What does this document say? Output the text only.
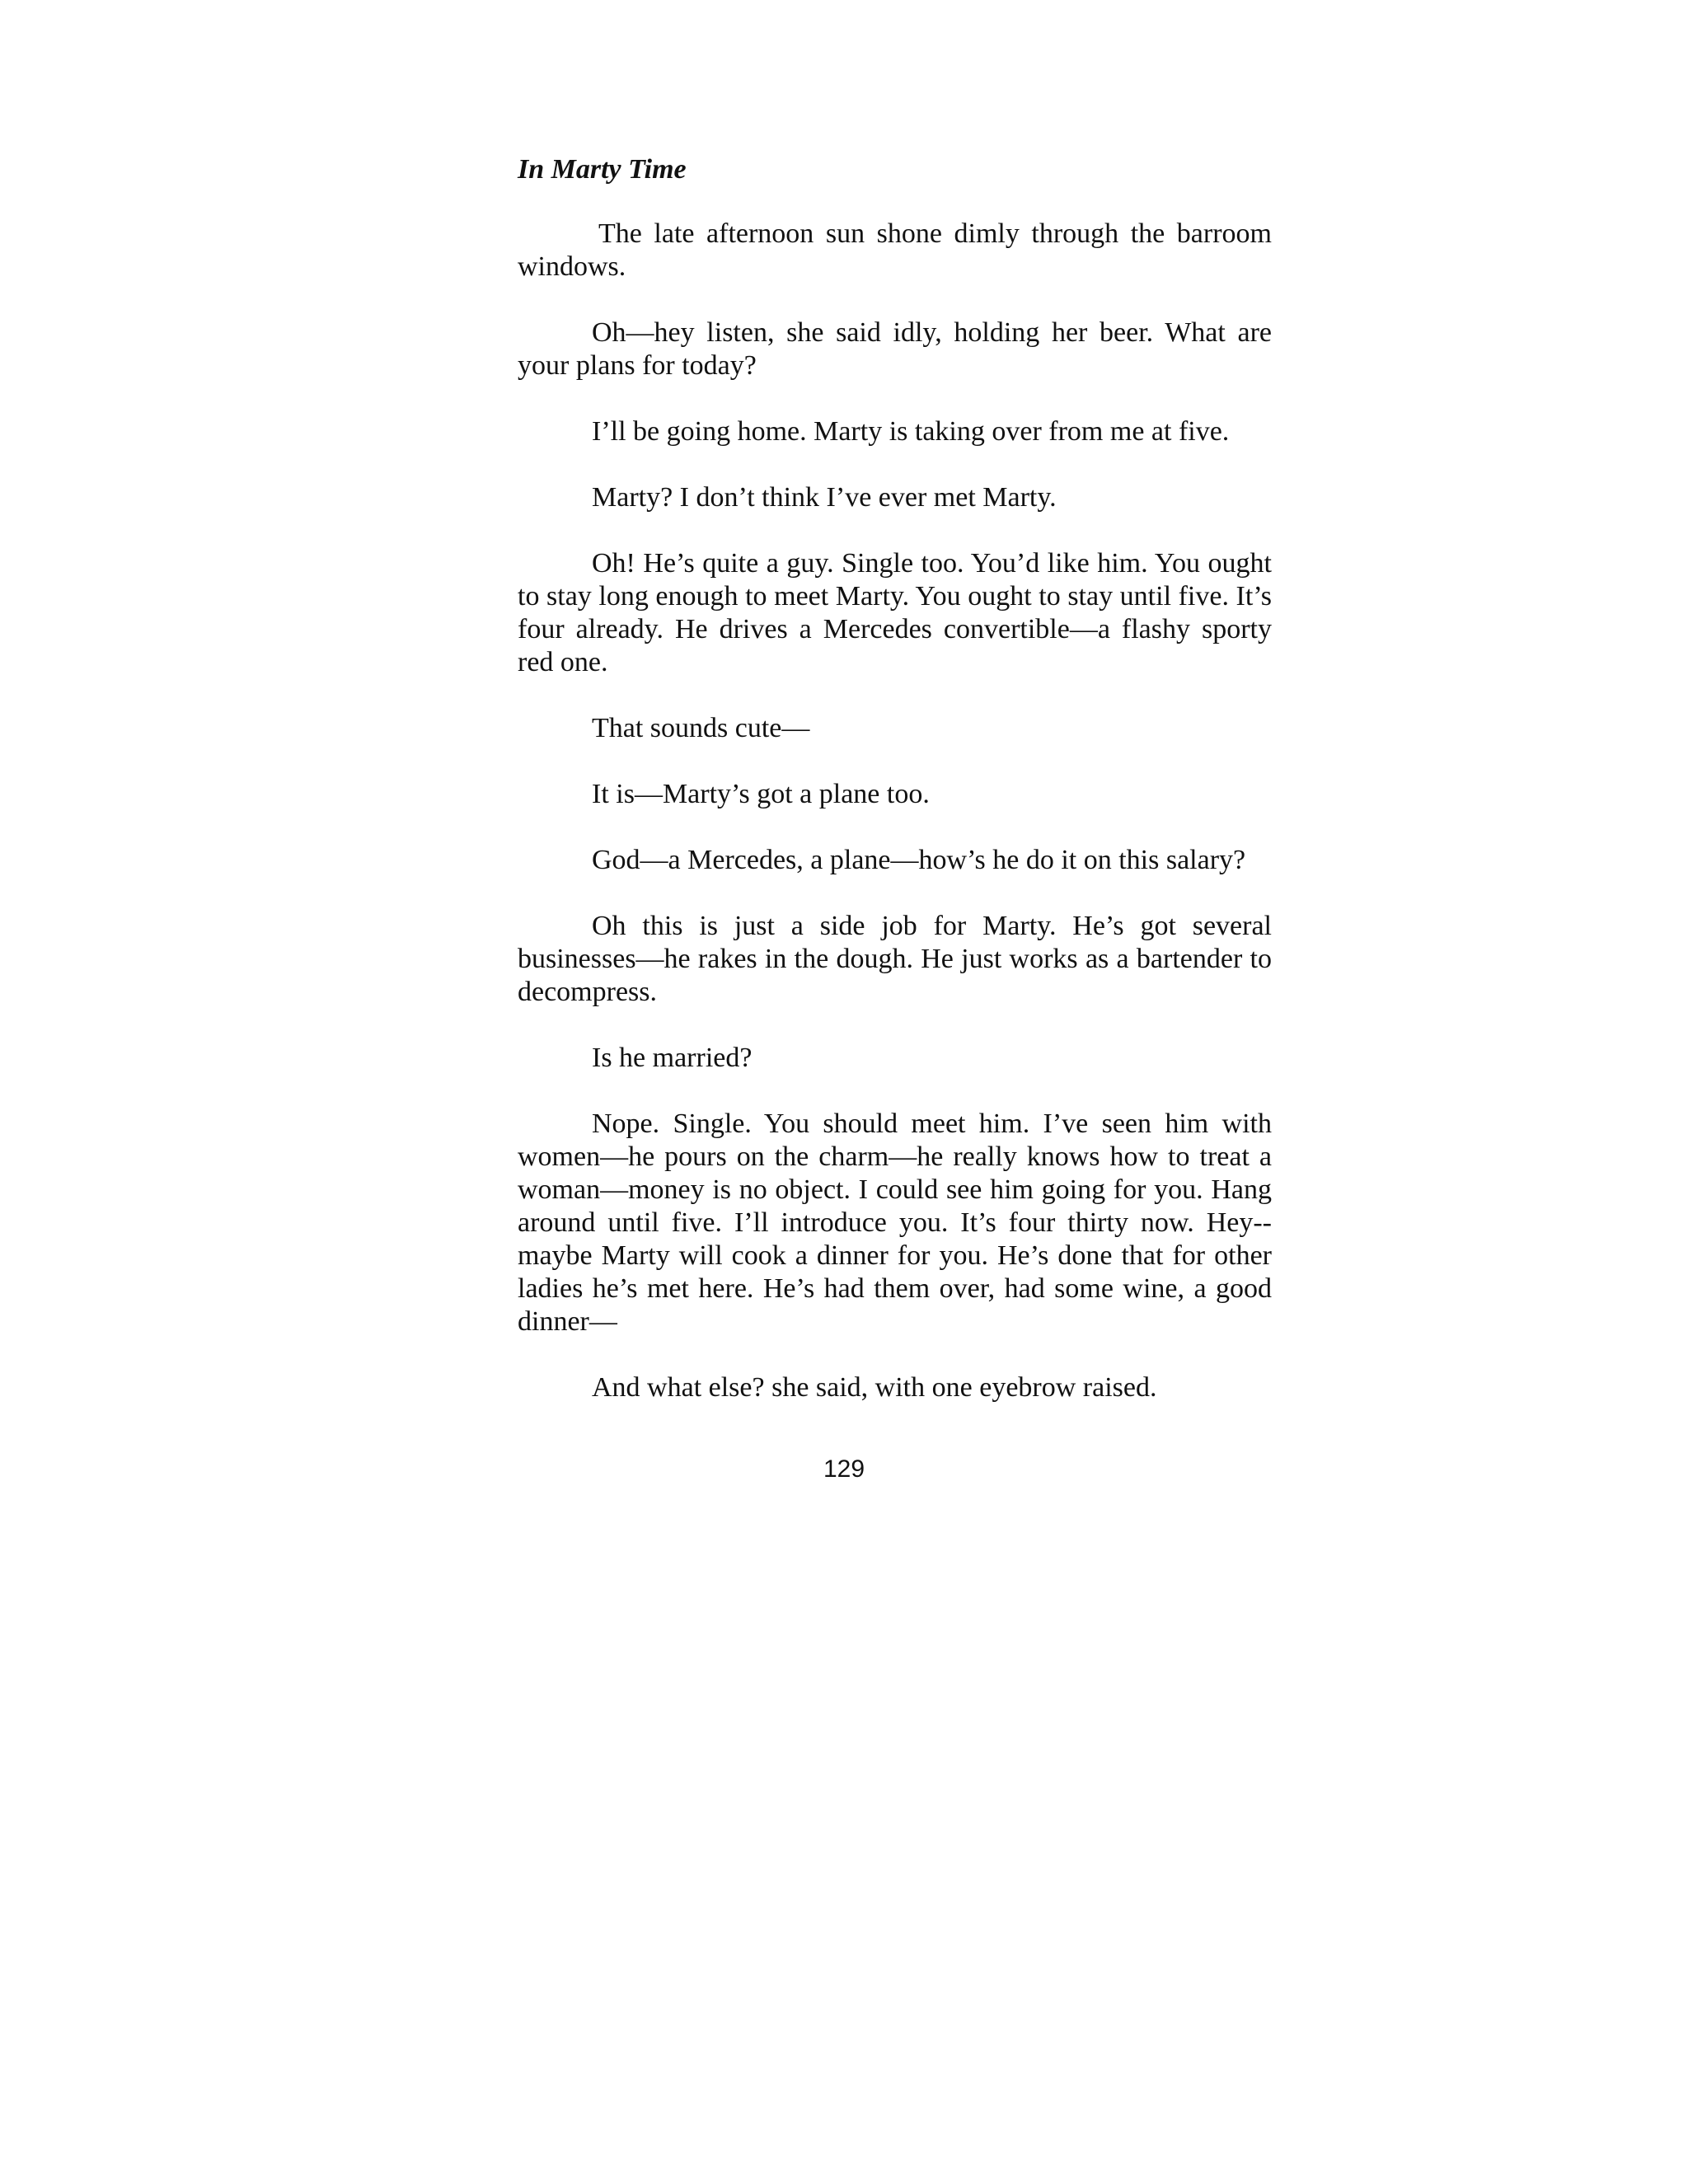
In Marty Time

The late afternoon sun shone dimly through the barroom windows.

Oh—hey listen, she said idly, holding her beer. What are your plans for today?

I’ll be going home. Marty is taking over from me at five.

Marty? I don’t think I’ve ever met Marty.

Oh! He’s quite a guy. Single too. You’d like him. You ought to stay long enough to meet Marty. You ought to stay until five. It’s four already. He drives a Mercedes convertible—a flashy sporty red one.

That sounds cute—

It is—Marty’s got a plane too.

God—a Mercedes, a plane—how’s he do it on this salary?

Oh this is just a side job for Marty. He’s got several businesses—he rakes in the dough. He just works as a bartender to decompress.

Is he married?

Nope. Single. You should meet him. I’ve seen him with women—he pours on the charm—he really knows how to treat a woman—money is no object. I could see him going for you. Hang around until five. I’ll introduce you. It’s four thirty now. Hey--maybe Marty will cook a dinner for you. He’s done that for other ladies he’s met here. He’s had them over, had some wine, a good dinner—

And what else? she said, with one eyebrow raised.

129
